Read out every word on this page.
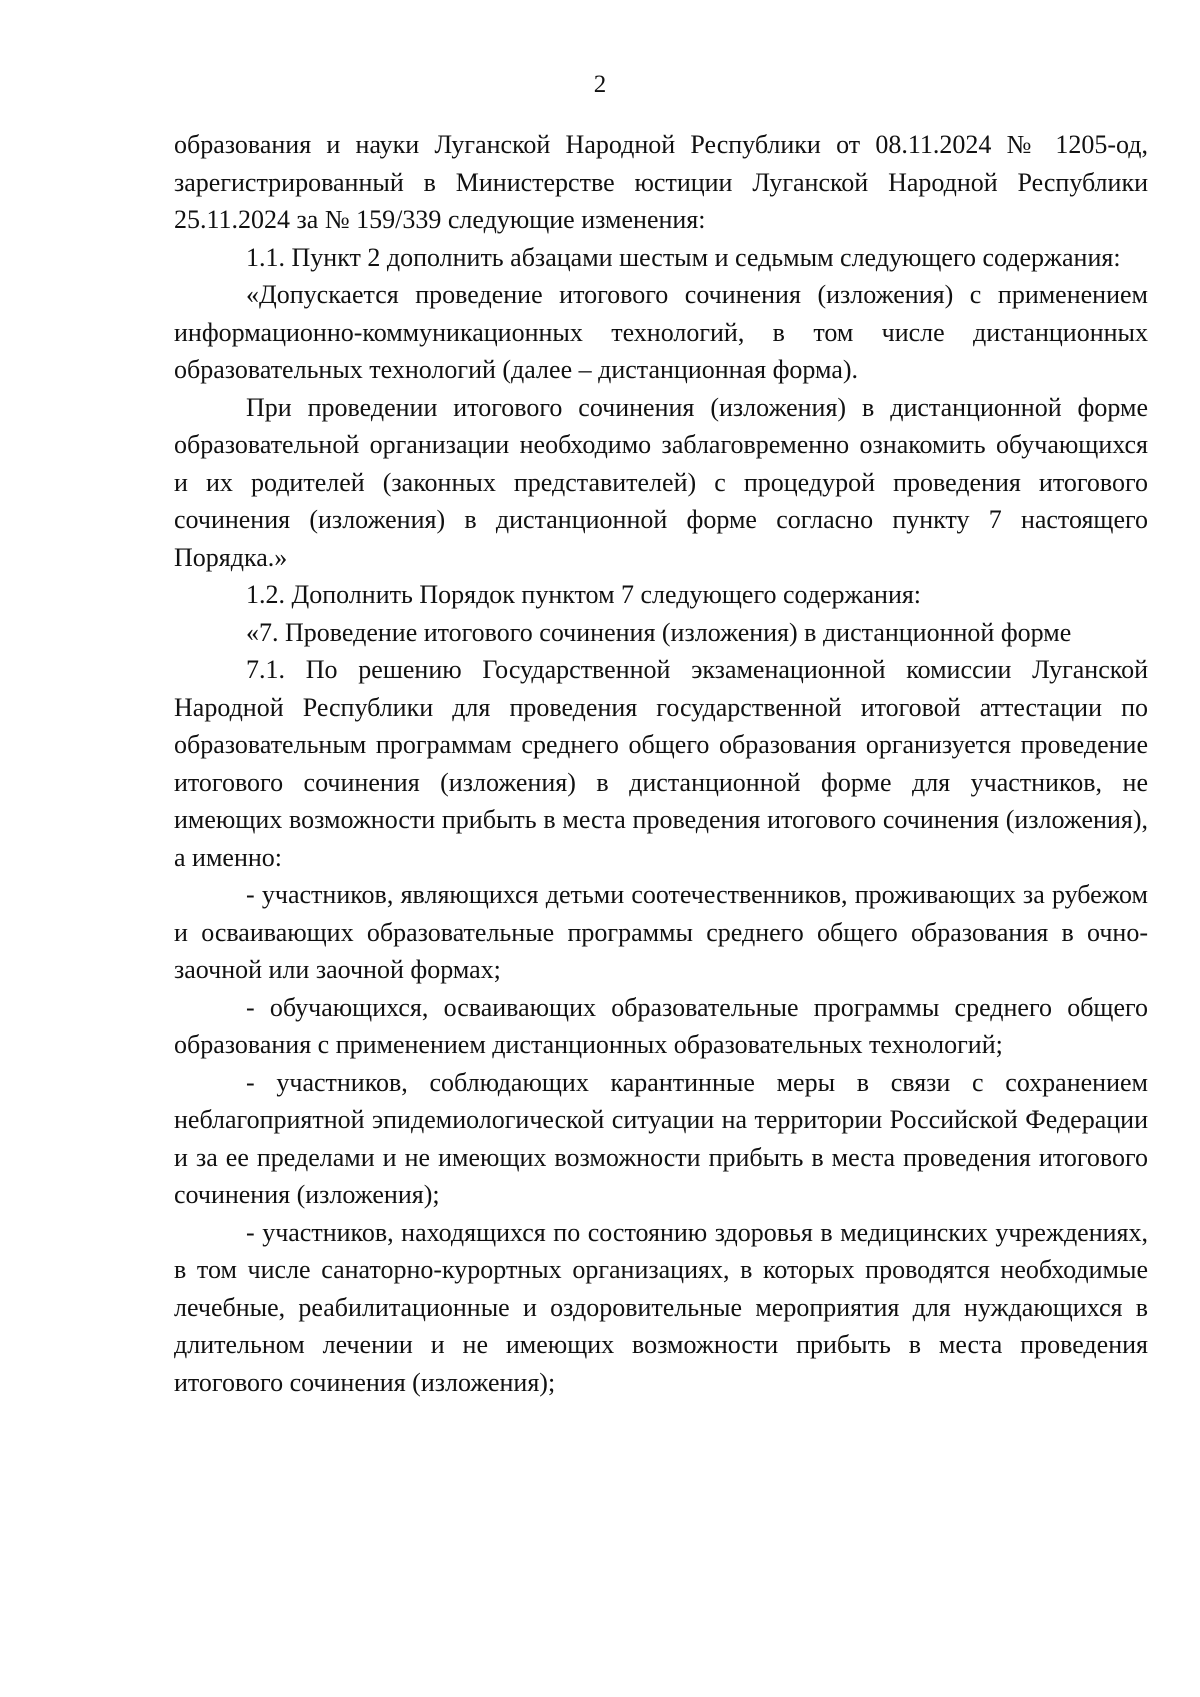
2

образования и науки Луганской Народной Республики от 08.11.2024 № 1205-од, зарегистрированный в Министерстве юстиции Луганской Народной Республики 25.11.2024 за № 159/339 следующие изменения:

1.1. Пункт 2 дополнить абзацами шестым и седьмым следующего содержания:

«Допускается проведение итогового сочинения (изложения) с применением информационно-коммуникационных технологий, в том числе дистанционных образовательных технологий (далее – дистанционная форма).

При проведении итогового сочинения (изложения) в дистанционной форме образовательной организации необходимо заблаговременно ознакомить обучающихся и их родителей (законных представителей) с процедурой проведения итогового сочинения (изложения) в дистанционной форме согласно пункту 7 настоящего Порядка.»

1.2. Дополнить Порядок пунктом 7 следующего содержания:

«7. Проведение итогового сочинения (изложения) в дистанционной форме

7.1. По решению Государственной экзаменационной комиссии Луганской Народной Республики для проведения государственной итоговой аттестации по образовательным программам среднего общего образования организуется проведение итогового сочинения (изложения) в дистанционной форме для участников, не имеющих возможности прибыть в места проведения итогового сочинения (изложения), а именно:

- участников, являющихся детьми соотечественников, проживающих за рубежом и осваивающих образовательные программы среднего общего образования в очно-заочной или заочной формах;

- обучающихся, осваивающих образовательные программы среднего общего образования с применением дистанционных образовательных технологий;

- участников, соблюдающих карантинные меры в связи с сохранением неблагоприятной эпидемиологической ситуации на территории Российской Федерации и за ее пределами и не имеющих возможности прибыть в места проведения итогового сочинения (изложения);

- участников, находящихся по состоянию здоровья в медицинских учреждениях, в том числе санаторно-курортных организациях, в которых проводятся необходимые лечебные, реабилитационные и оздоровительные мероприятия для нуждающихся в длительном лечении и не имеющих возможности прибыть в места проведения итогового сочинения (изложения);
